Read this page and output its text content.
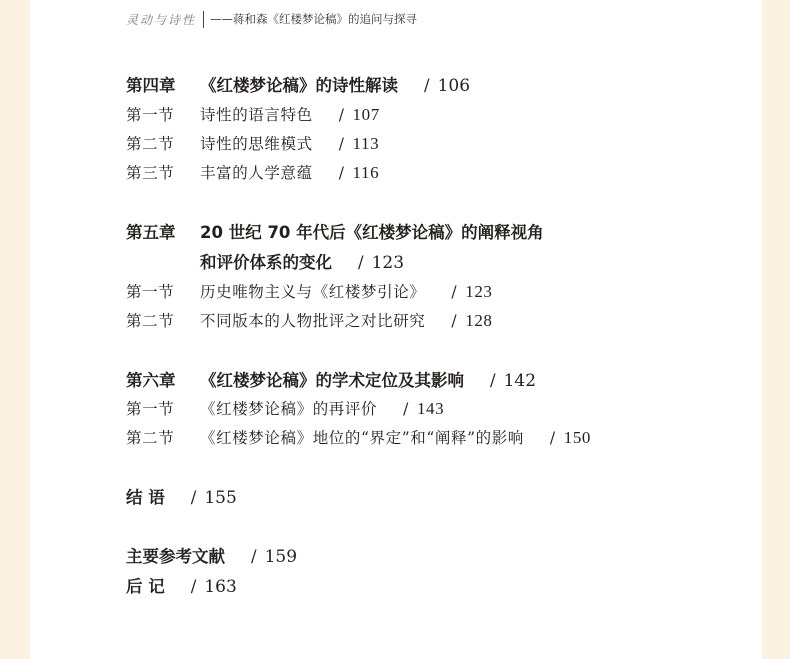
灵动与诗性	——蒋和森《红楼梦论稿》的追问与探寻
第四章 《红楼梦论稿》的诗性解读 / 106
第一节 诗性的语言特色 / 107
第二节 诗性的思维模式 / 113
第三节 丰富的人学意蕴 / 116
第五章 20 世纪 70 年代后《红楼梦论稿》的阐释视角
和评价体系的变化 / 123
第一节 历史唯物主义与《红楼梦引论》 / 123
第二节 不同版本的人物批评之对比研究 / 128
第六章 《红楼梦论稿》的学术定位及其影响 / 142
第一节 《红楼梦论稿》的再评价 / 143
第二节 《红楼梦论稿》地位的“界定”和“阐释”的影响 / 150
结 语 / 155
主要参考文献 / 159
后 记 / 163
